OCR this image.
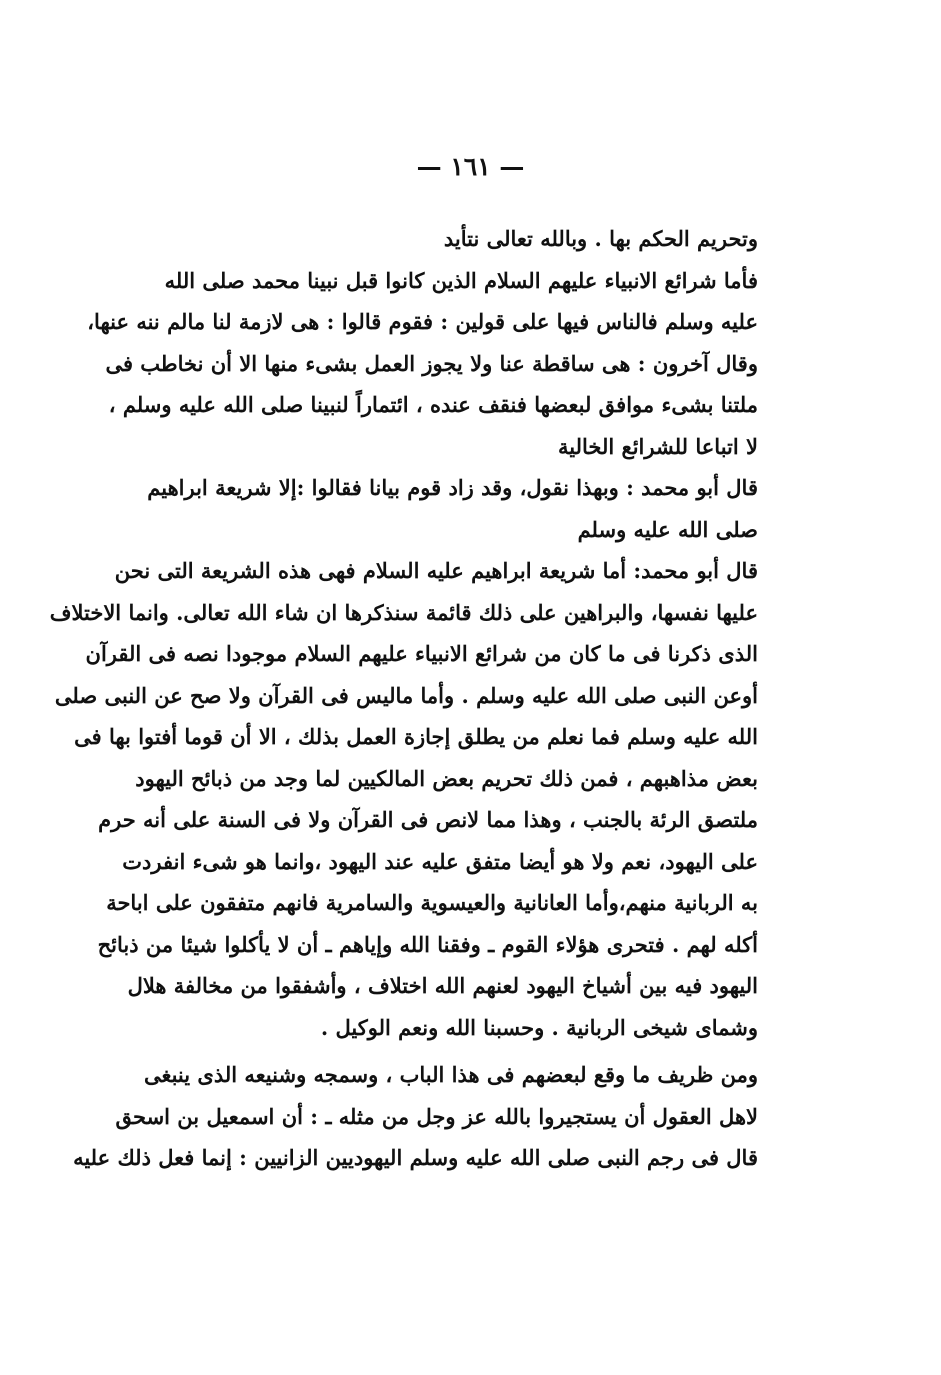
— ١٦١ —
وتحريم الحكم بها . وبالله تعالى نتأيد
فأما شرائع الانبياء عليهم السلام الذين كانوا قبل نبينا محمد صلى الله
عليه وسلم فالناس فيها على قولين : فقوم قالوا : هى لازمة لنا مالم ننه عنها،
وقال آخرون : هى ساقطة عنا ولا يجوز العمل بشىء منها الا أن نخاطب فى
ملتنا بشىء موافق لبعضها فنقف عنده ، ائتماراً لنبينا صلى الله عليه وسلم ،
لا اتباعا للشرائع الخالية
قال أبو محمد : وبهذا نقول، وقد زاد قوم بيانا فقالوا :إلا شريعة ابراهيم
صلى الله عليه وسلم
قال أبو محمد: أما شريعة ابراهيم عليه السلام فهى هذه الشريعة التى نحن
عليها نفسها، والبراهين على ذلك قائمة سنذكرها ان شاء الله تعالى. وانما الاختلاف
الذى ذكرنا فى ما كان من شرائع الانبياء عليهم السلام موجودا نصه فى القرآن
أوعن النبى صلى الله عليه وسلم . وأما ماليس فى القرآن ولا صح عن النبى صلى
الله عليه وسلم فما نعلم من يطلق إجازة العمل بذلك ، الا أن قوما أفتوا بها فى
بعض مذاهبهم ، فمن ذلك تحريم بعض المالكيين لما وجد من ذبائح اليهود
ملتصق الرئة بالجنب ، وهذا مما لانص فى القرآن ولا فى السنة على أنه حرم
على اليهود، نعم ولا هو أيضا متفق عليه عند اليهود ،وانما هو شىء انفردت
به الربانية منهم،وأما العانانية والعيسوية والسامرية فانهم متفقون على اباحة
أكله لهم . فتحرى هؤلاء القوم ـ وفقنا الله وإياهم ـ أن لا يأكلوا شيئا من ذبائح
اليهود فيه بين أشياخ اليهود لعنهم الله اختلاف ، وأشفقوا من مخالفة هلال
وشماى شيخى الربانية . وحسبنا الله ونعم الوكيل .
ومن ظريف ما وقع لبعضهم فى هذا الباب ، وسمجه وشنيعه الذى ينبغى
لاهل العقول أن يستجيروا بالله عز وجل من مثله ـ : أن اسمعيل بن اسحق
قال فى رجم النبى صلى الله عليه وسلم اليهوديين الزانيين : إنما فعل ذلك عليه
